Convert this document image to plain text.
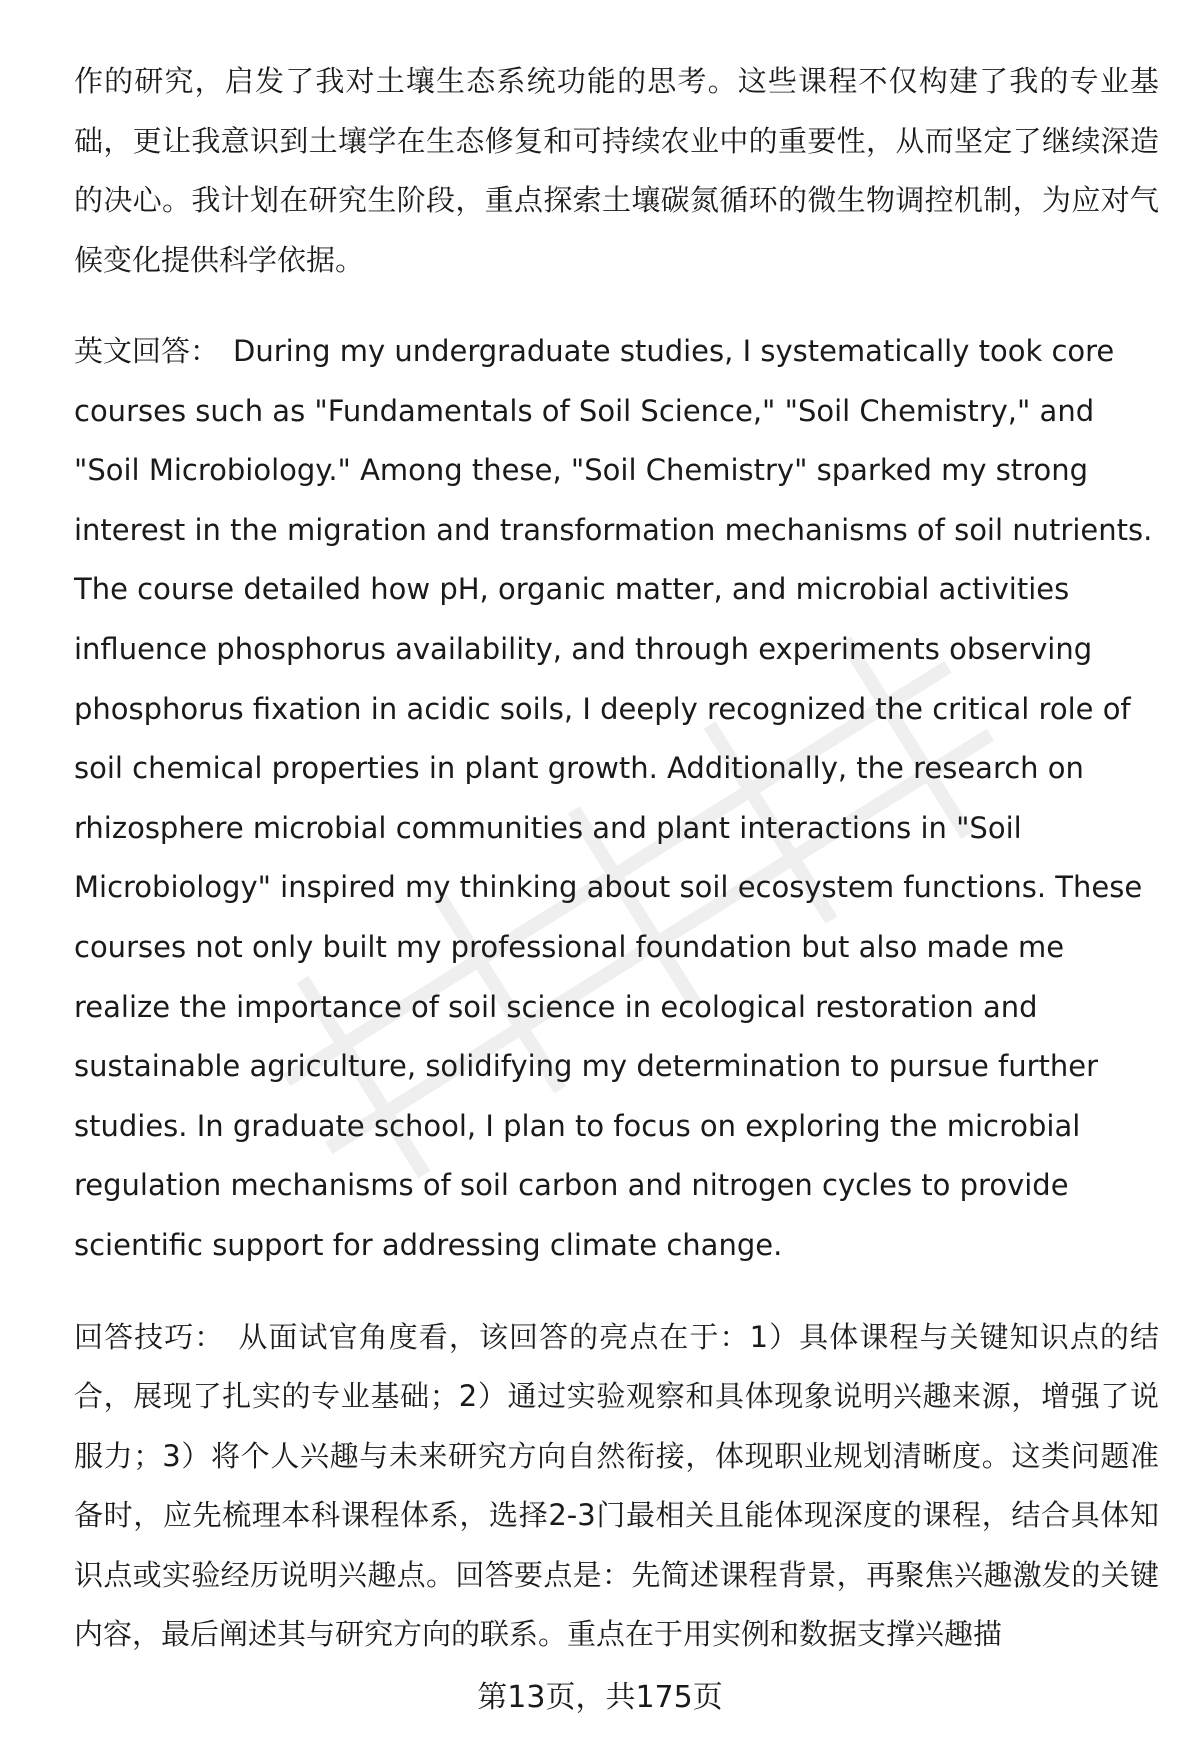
作的研究，启发了我对土壤生态系统功能的思考。这些课程不仅构建了我的专业基础，更让我意识到土壤学在生态修复和可持续农业中的重要性，从而坚定了继续深造的决心。我计划在研究生阶段，重点探索土壤碳氮循环的微生物调控机制，为应对气候变化提供科学依据。

英文回答： During my undergraduate studies, I systematically took core courses such as "Fundamentals of Soil Science," "Soil Chemistry," and "Soil Microbiology." Among these, "Soil Chemistry" sparked my strong interest in the migration and transformation mechanisms of soil nutrients. The course detailed how pH, organic matter, and microbial activities influence phosphorus availability, and through experiments observing phosphorus fixation in acidic soils, I deeply recognized the critical role of soil chemical properties in plant growth. Additionally, the research on rhizosphere microbial communities and plant interactions in "Soil Microbiology" inspired my thinking about soil ecosystem functions. These courses not only built my professional foundation but also made me realize the importance of soil science in ecological restoration and sustainable agriculture, solidifying my determination to pursue further studies. In graduate school, I plan to focus on exploring the microbial regulation mechanisms of soil carbon and nitrogen cycles to provide scientific support for addressing climate change.

回答技巧： 从面试官角度看，该回答的亮点在于：1）具体课程与关键知识点的结合，展现了扎实的专业基础；2）通过实验观察和具体现象说明兴趣来源，增强了说服力；3）将个人兴趣与未来研究方向自然衔接，体现职业规划清晰度。这类问题准备时，应先梳理本科课程体系，选择2-3门最相关且能体现深度的课程，结合具体知识点或实验经历说明兴趣点。回答要点是：先简述课程背景，再聚焦兴趣激发的关键内容，最后阐述其与研究方向的联系。重点在于用实例和数据支撑兴趣描

第13页，共175页
